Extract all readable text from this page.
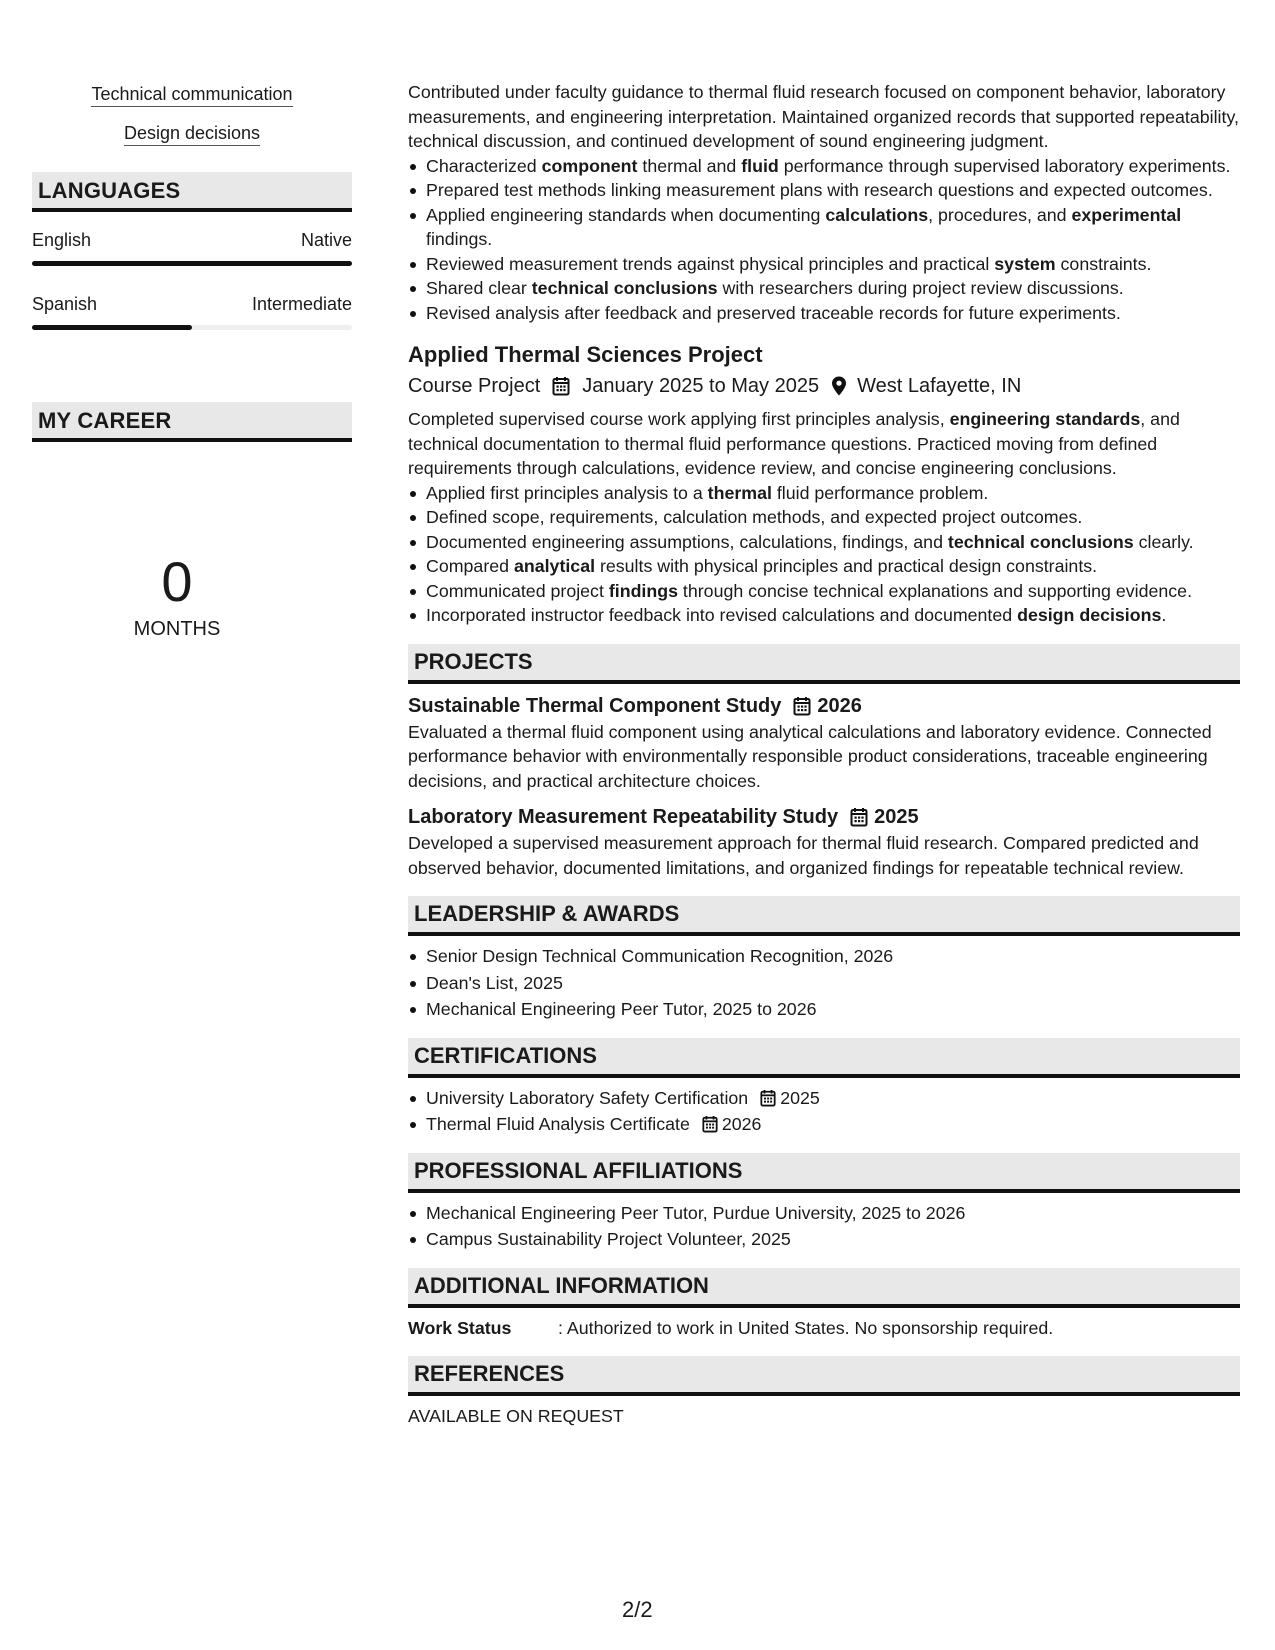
Technical communication
Design decisions
LANGUAGES
English	Native
Spanish	Intermediate
MY CAREER
0
MONTHS

Contributed under faculty guidance to thermal fluid research focused on component behavior, laboratory measurements, and engineering interpretation. Maintained organized records that supported repeatability, technical discussion, and continued development of sound engineering judgment.

Characterized component thermal and fluid performance through supervised laboratory experiments.
Prepared test methods linking measurement plans with research questions and expected outcomes.
Applied engineering standards when documenting calculations, procedures, and experimental findings.
Reviewed measurement trends against physical principles and practical system constraints.
Shared clear technical conclusions with researchers during project review discussions.
Revised analysis after feedback and preserved traceable records for future experiments.
Applied Thermal Sciences Project
Course Project January 2025 to May 2025 West Lafayette, IN

Completed supervised course work applying first principles analysis, engineering standards, and technical documentation to thermal fluid performance questions. Practiced moving from defined requirements through calculations, evidence review, and concise engineering conclusions.

Applied first principles analysis to a thermal fluid performance problem.
Defined scope, requirements, calculation methods, and expected project outcomes.
Documented engineering assumptions, calculations, findings, and technical conclusions clearly.
Compared analytical results with physical principles and practical design constraints.
Communicated project findings through concise technical explanations and supporting evidence.
Incorporated instructor feedback into revised calculations and documented design decisions.
PROJECTS
Sustainable Thermal Component Study 2026

Evaluated a thermal fluid component using analytical calculations and laboratory evidence. Connected performance behavior with environmentally responsible product considerations, traceable engineering decisions, and practical architecture choices.

Laboratory Measurement Repeatability Study 2025

Developed a supervised measurement approach for thermal fluid research. Compared predicted and observed behavior, documented limitations, and organized findings for repeatable technical review.

LEADERSHIP & AWARDS
Senior Design Technical Communication Recognition, 2026
Dean's List, 2025
Mechanical Engineering Peer Tutor, 2025 to 2026
CERTIFICATIONS
University Laboratory Safety Certification 2025
Thermal Fluid Analysis Certificate 2026
PROFESSIONAL AFFILIATIONS
Mechanical Engineering Peer Tutor, Purdue University, 2025 to 2026
Campus Sustainability Project Volunteer, 2025
ADDITIONAL INFORMATION
Work Status	: Authorized to work in United States. No sponsorship required.
REFERENCES
AVAILABLE ON REQUEST
2/2
